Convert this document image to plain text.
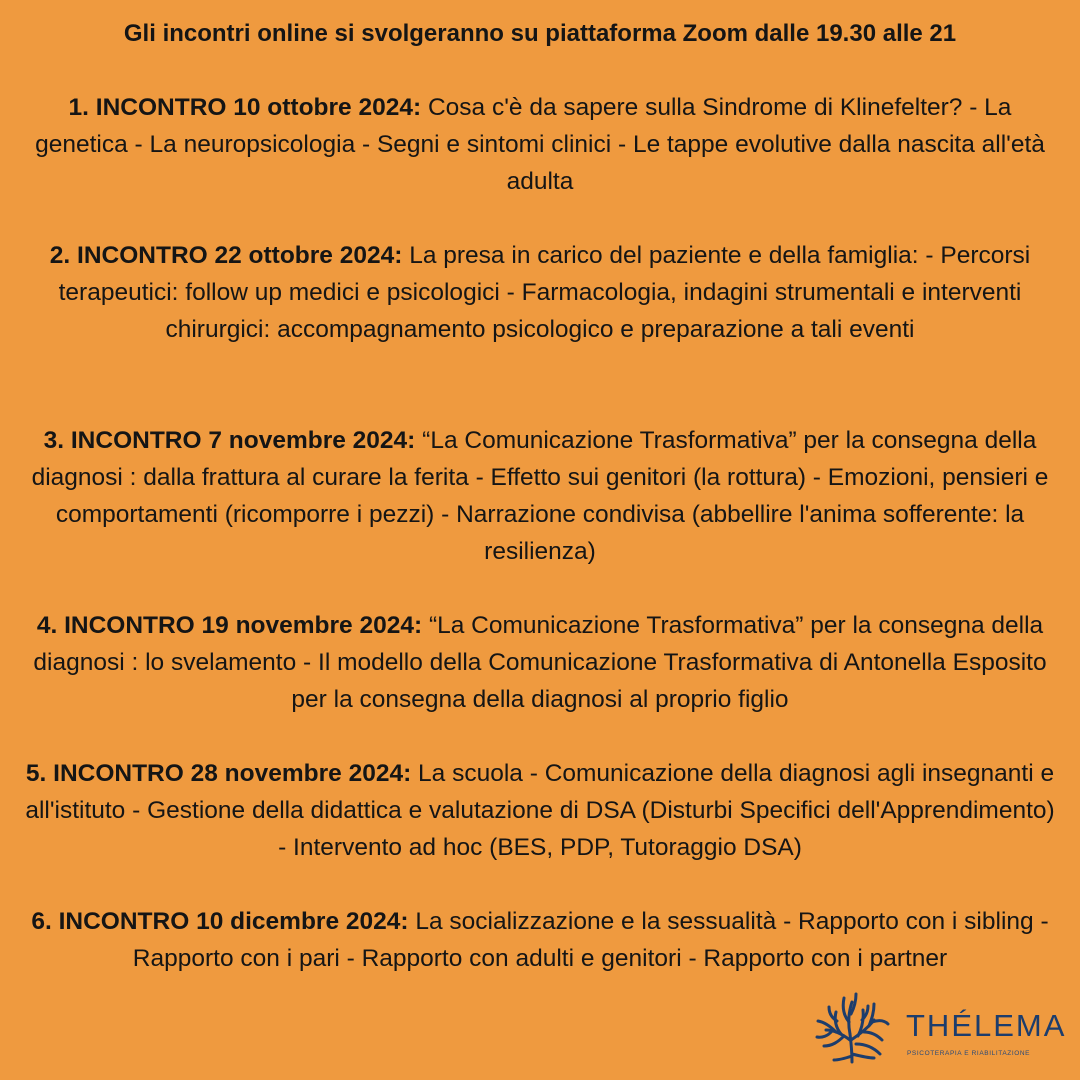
Gli incontri online si svolgeranno su piattaforma Zoom dalle 19.30 alle 21
1. INCONTRO 10 ottobre 2024: Cosa c'è da sapere sulla Sindrome di Klinefelter? - La genetica - La neuropsicologia - Segni e sintomi clinici - Le tappe evolutive dalla nascita all'età adulta
2. INCONTRO 22 ottobre 2024: La presa in carico del paziente e della famiglia: - Percorsi terapeutici: follow up medici e psicologici - Farmacologia, indagini strumentali e interventi chirurgici: accompagnamento psicologico e preparazione a tali eventi
3. INCONTRO 7 novembre 2024: “La Comunicazione Trasformativa” per la consegna della diagnosi : dalla frattura al curare la ferita - Effetto sui genitori (la rottura) - Emozioni, pensieri e comportamenti (ricomporre i pezzi) - Narrazione condivisa (abbellire l'anima sofferente: la resilienza)
4. INCONTRO 19 novembre 2024: “La Comunicazione Trasformativa” per la consegna della diagnosi : lo svelamento - Il modello della Comunicazione Trasformativa di Antonella Esposito per la consegna della diagnosi al proprio figlio
5. INCONTRO 28 novembre 2024: La scuola - Comunicazione della diagnosi agli insegnanti e all'istituto - Gestione della didattica e valutazione di DSA (Disturbi Specifici dell'Apprendimento) - Intervento ad hoc (BES, PDP, Tutoraggio DSA)
6. INCONTRO 10 dicembre 2024: La socializzazione e la sessualità - Rapporto con i sibling - Rapporto con i pari - Rapporto con adulti e genitori - Rapporto con i partner
THÉLEMA
PSICOTERAPIA E RIABILITAZIONE
